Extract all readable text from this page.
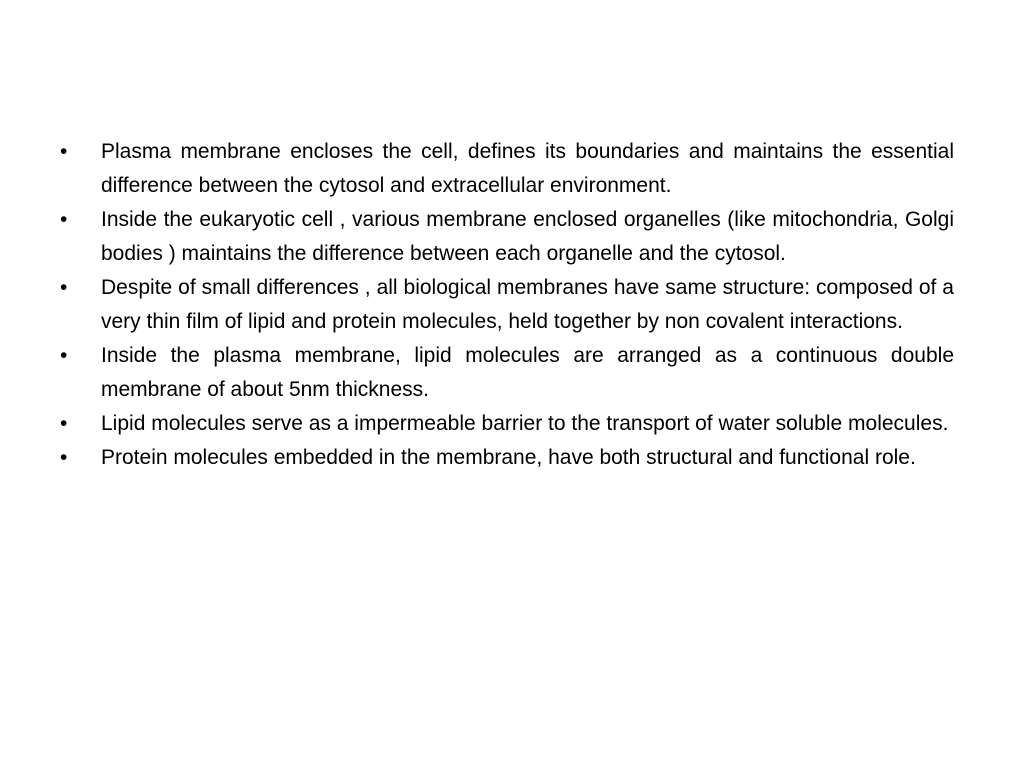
•	Plasma membrane encloses the cell, defines its boundaries and maintains the essential difference between the cytosol and extracellular environment.
•	Inside the eukaryotic cell , various membrane enclosed organelles (like mitochondria, Golgi bodies ) maintains the difference between each organelle and the cytosol.
•	Despite of small differences , all biological membranes have same structure: composed of a very thin film of lipid and protein molecules, held together by non covalent interactions.
•	Inside the plasma membrane, lipid molecules are arranged as a continuous double membrane of about 5nm thickness.
•	Lipid molecules serve as a impermeable barrier to the transport of water soluble molecules.
•	Protein molecules embedded in the membrane, have both structural and functional role.
